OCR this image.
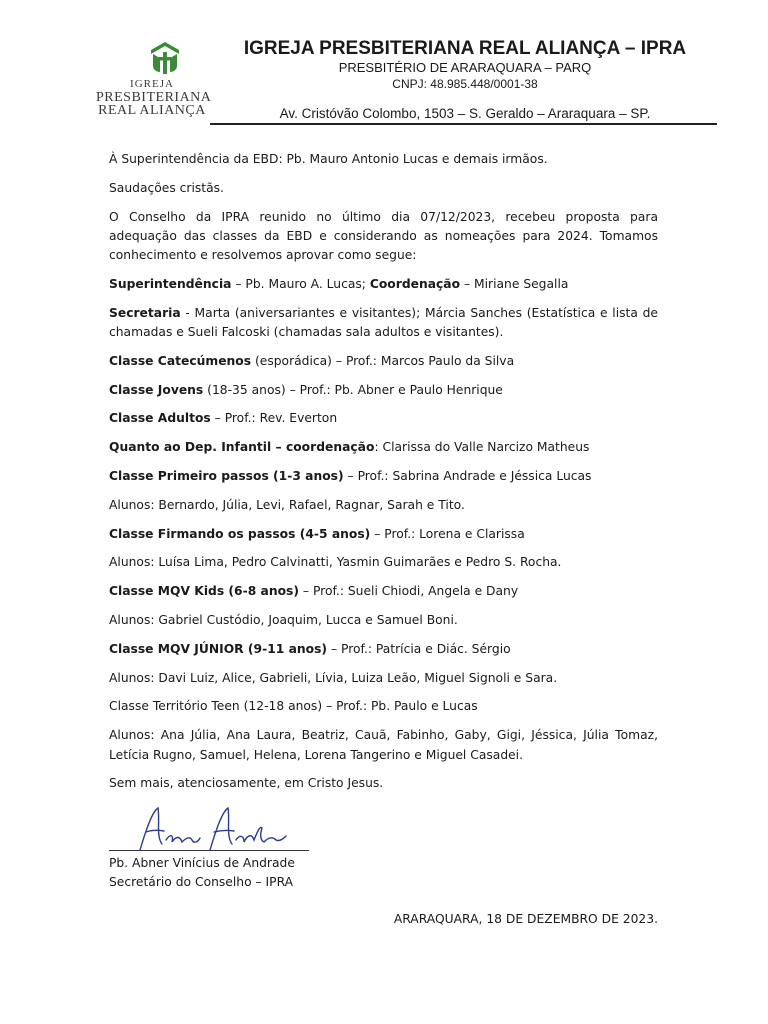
IGREJA
PRESBITERIANA
REAL ALIANÇA
IGREJA PRESBITERIANA REAL ALIANÇA – IPRA
PRESBITÉRIO DE ARARAQUARA – PARQ
CNPJ: 48.985.448/0001-38
Av. Cristóvão Colombo, 1503 – S. Geraldo – Araraquara – SP.

À Superintendência da EBD: Pb. Mauro Antonio Lucas e demais irmãos.

Saudações cristãs.

O Conselho da IPRA reunido no último dia 07/12/2023, recebeu proposta para adequação das classes da EBD e considerando as nomeações para 2024. Tomamos conhecimento e resolvemos aprovar como segue:

Superintendência – Pb. Mauro A. Lucas; Coordenação – Miriane Segalla

Secretaria - Marta (aniversariantes e visitantes); Márcia Sanches (Estatística e lista de chamadas e Sueli Falcoski (chamadas sala adultos e visitantes).

Classe Catecúmenos (esporádica) – Prof.: Marcos Paulo da Silva

Classe Jovens (18-35 anos) – Prof.: Pb. Abner e Paulo Henrique

Classe Adultos – Prof.: Rev. Everton

Quanto ao Dep. Infantil – coordenação: Clarissa do Valle Narcizo Matheus

Classe Primeiro passos (1-3 anos) – Prof.: Sabrina Andrade e Jéssica Lucas

Alunos: Bernardo, Júlia, Levi, Rafael, Ragnar, Sarah e Tito.

Classe Firmando os passos (4-5 anos) – Prof.: Lorena e Clarissa

Alunos: Luísa Lima, Pedro Calvinatti, Yasmin Guimarães e Pedro S. Rocha.

Classe MQV Kids (6-8 anos) – Prof.: Sueli Chiodi, Angela e Dany

Alunos: Gabriel Custódio, Joaquim, Lucca e Samuel Boni.

Classe MQV JÚNIOR (9-11 anos) – Prof.: Patrícia e Diác. Sérgio

Alunos: Davi Luiz, Alice, Gabrieli, Lívia, Luiza Leão, Miguel Signoli e Sara.

Classe Território Teen (12-18 anos) – Prof.: Pb. Paulo e Lucas

Alunos: Ana Júlia, Ana Laura, Beatriz, Cauã, Fabinho, Gaby, Gigi, Jéssica, Júlia Tomaz, Letícia Rugno, Samuel, Helena, Lorena Tangerino e Miguel Casadei.

Sem mais, atenciosamente, em Cristo Jesus.

Pb. Abner Vinícius de Andrade
Secretário do Conselho – IPRA
ARARAQUARA, 18 DE DEZEMBRO DE 2023.
